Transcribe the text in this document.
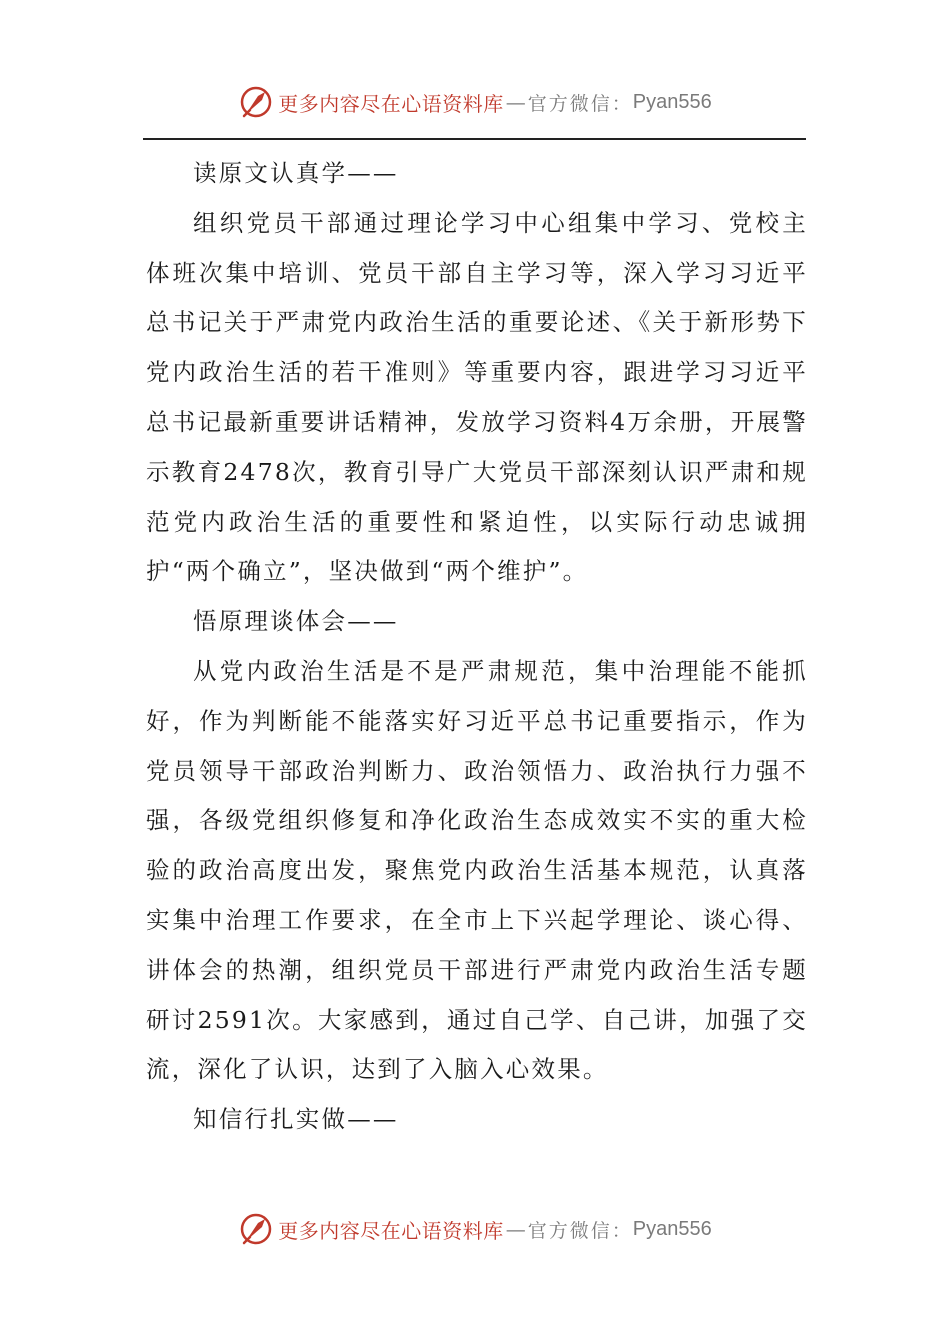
更多内容尽在心语资料库 — 官方微信： Pyan556

读原文认真学——

组织党员干部通过理论学习中心组集中学习、党校主体班次集中培训、党员干部自主学习等，深入学习习近平总书记关于严肃党内政治生活的重要论述、《关于新形势下党内政治生活的若干准则》等重要内容，跟进学习习近平总书记最新重要讲话精神，发放学习资料4万余册，开展警示教育2478次，教育引导广大党员干部深刻认识严肃和规范党内政治生活的重要性和紧迫性，以实际行动忠诚拥护“两个确立”，坚决做到“两个维护”。

悟原理谈体会——

从党内政治生活是不是严肃规范，集中治理能不能抓好，作为判断能不能落实好习近平总书记重要指示，作为党员领导干部政治判断力、政治领悟力、政治执行力强不强，各级党组织修复和净化政治生态成效实不实的重大检验的政治高度出发，聚焦党内政治生活基本规范，认真落实集中治理工作要求，在全市上下兴起学理论、谈心得、讲体会的热潮，组织党员干部进行严肃党内政治生活专题研讨2591次。大家感到，通过自己学、自己讲，加强了交流，深化了认识，达到了入脑入心效果。

知信行扎实做——

更多内容尽在心语资料库 — 官方微信： Pyan556
